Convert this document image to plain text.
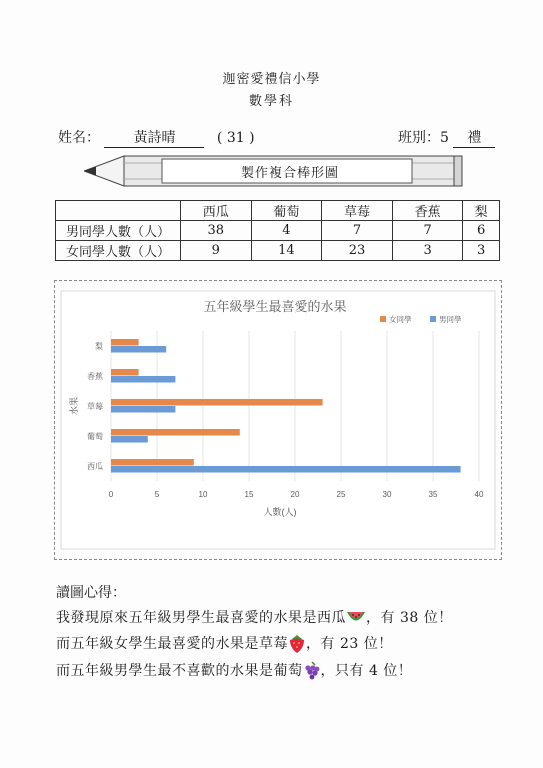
迦密愛禮信小學
數學科
姓名： 黃詩晴	( 31 )	班別：5 禮
製作複合棒形圖
	西瓜	葡萄	草莓	香蕉	梨
男同學人數（人）	38	4	7	7	6
女同學人數（人）	9	14	23	3	3
五年級學生最喜愛的水果
女同學	男同學
0	5	10	15	20	25	30	35	40
人數(人)
水果
西瓜
葡萄
草莓
香蕉
梨
讀圖心得：
我發現原來五年級男學生最喜愛的水果是西瓜 ，有 38 位！
而五年級女學生最喜愛的水果是草莓 ，有 23 位！
而五年級男學生最不喜歡的水果是葡萄 ，只有 4 位！
